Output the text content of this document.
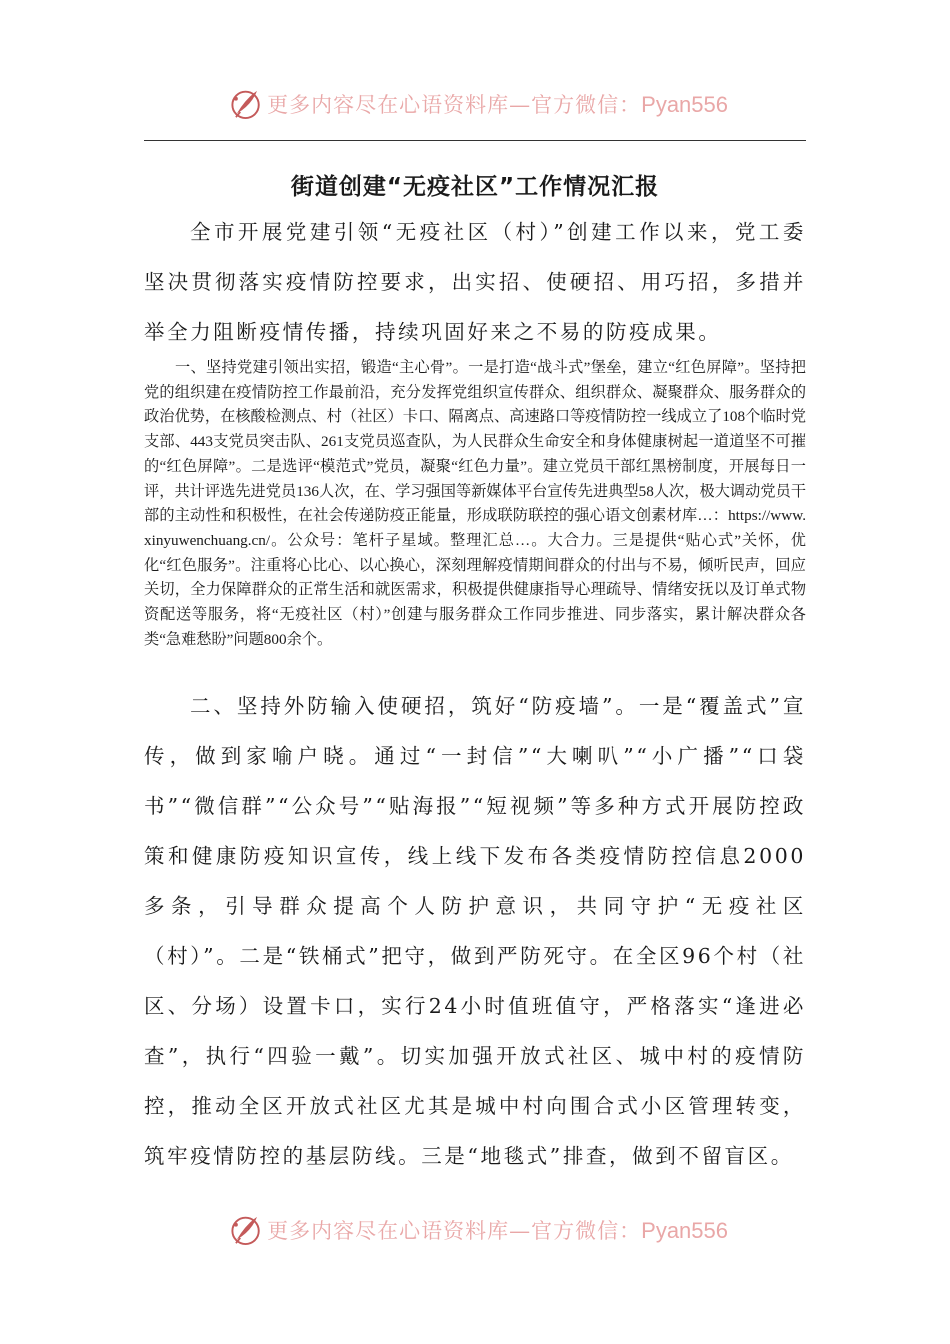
更多内容尽在心语资料库—官方微信：Pyan556
街道创建“无疫社区”工作情况汇报

全市开展党建引领“无疫社区（村）”创建工作以来，党工委坚决贯彻落实疫情防控要求，出实招、使硬招、用巧招，多措并举全力阻断疫情传播，持续巩固好来之不易的防疫成果。

一、坚持党建引领出实招，锻造“主心骨”。一是打造“战斗式”堡垒，建立“红色屏障”。坚持把党的组织建在疫情防控工作最前沿，充分发挥党组织宣传群众、组织群众、凝聚群众、服务群众的政治优势，在核酸检测点、村（社区）卡口、隔离点、高速路口等疫情防控一线成立了108个临时党支部、443支党员突击队、261支党员巡查队，为人民群众生命安全和身体健康树起一道道坚不可摧的“红色屏障”。二是选评“模范式”党员，凝聚“红色力量”。建立党员干部红黑榜制度，开展每日一评，共计评选先进党员136人次，在、学习强国等新媒体平台宣传先进典型58人次，极大调动党员干部的主动性和积极性，在社会传递防疫正能量，形成联防联控的强心语文创素材库…：https://www.xinyuwenchuang.cn/。公众号：笔杆子星域。整理汇总…。大合力。三是提供“贴心式”关怀，优化“红色服务”。注重将心比心、以心换心，深刻理解疫情期间群众的付出与不易，倾听民声，回应关切，全力保障群众的正常生活和就医需求，积极提供健康指导心理疏导、情绪安抚以及订单式物资配送等服务，将“无疫社区（村）”创建与服务群众工作同步推进、同步落实，累计解决群众各类“急难愁盼”问题800余个。

二、坚持外防输入使硬招，筑好“防疫墙”。一是“覆盖式”宣传，做到家喻户晓。通过“一封信”“大喇叭”“小广播”“口袋书”“微信群”“公众号”“贴海报”“短视频”等多种方式开展防控政策和健康防疫知识宣传，线上线下发布各类疫情防控信息2000多条，引导群众提高个人防护意识，共同守护“无疫社区（村）”。二是“铁桶式”把守，做到严防死守。在全区96个村（社区、分场）设置卡口，实行24小时值班值守，严格落实“逢进必查”，执行“四验一戴”。切实加强开放式社区、城中村的疫情防控，推动全区开放式社区尤其是城中村向围合式小区管理转变，筑牢疫情防控的基层防线。三是“地毯式”排查，做到不留盲区。

更多内容尽在心语资料库—官方微信：Pyan556
